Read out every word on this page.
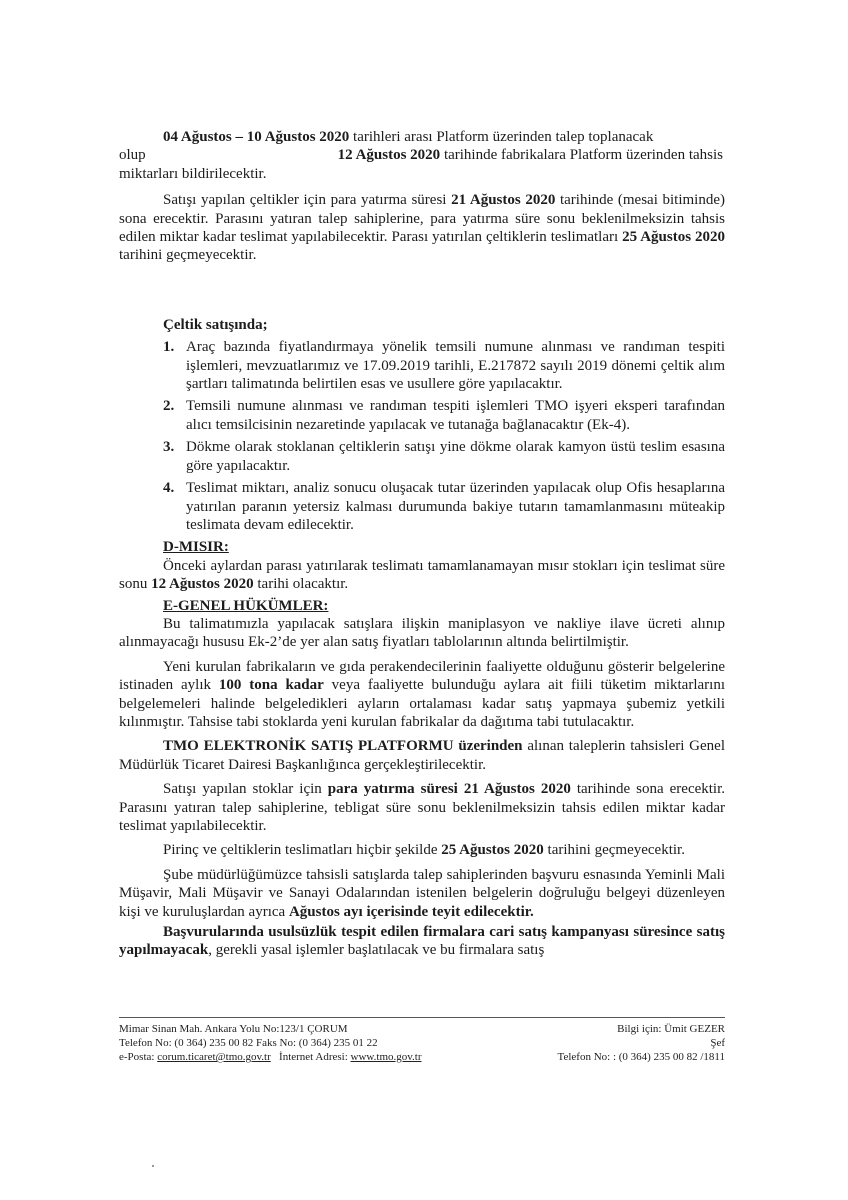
04 Ağustos – 10 Ağustos 2020 tarihleri arası Platform üzerinden talep toplanacak

olup	12 Ağustos 2020 tarihinde fabrikalara Platform üzerinden tahsis

miktarları bildirilecektir.

Satışı yapılan çeltikler için para yatırma süresi 21 Ağustos 2020 tarihinde (mesai bitiminde) sona erecektir. Parasını yatıran talep sahiplerine, para yatırma süre sonu beklenilmeksizin tahsis edilen miktar kadar teslimat yapılabilecektir. Parası yatırılan çeltiklerin teslimatları 25 Ağustos 2020 tarihini geçmeyecektir.

Çeltik satışında;
1. Araç bazında fiyatlandırmaya yönelik temsili numune alınması ve randıman tespiti işlemleri, mevzuatlarımız ve 17.09.2019 tarihli, E.217872 sayılı 2019 dönemi çeltik alım şartları talimatında belirtilen esas ve usullere göre yapılacaktır.
2. Temsili numune alınması ve randıman tespiti işlemleri TMO işyeri eksperi tarafından alıcı temsilcisinin nezaretinde yapılacak ve tutanağa bağlanacaktır (Ek-4).
3. Dökme olarak stoklanan çeltiklerin satışı yine dökme olarak kamyon üstü teslim esasına göre yapılacaktır.
4. Teslimat miktarı, analiz sonucu oluşacak tutar üzerinden yapılacak olup Ofis hesaplarına yatırılan paranın yetersiz kalması durumunda bakiye tutarın tamamlanmasını müteakip teslimata devam edilecektir.
D-MISIR:

Önceki aylardan parası yatırılarak teslimatı tamamlanamayan mısır stokları için teslimat süre sonu 12 Ağustos 2020 tarihi olacaktır.

E-GENEL HÜKÜMLER:

Bu talimatımızla yapılacak satışlara ilişkin maniplasyon ve nakliye ilave ücreti alınıp alınmayacağı hususu Ek-2’de yer alan satış fiyatları tablolarının altında belirtilmiştir.

Yeni kurulan fabrikaların ve gıda perakendecilerinin faaliyette olduğunu gösterir belgelerine istinaden aylık 100 tona kadar veya faaliyette bulunduğu aylara ait fiili tüketim miktarlarını belgelemeleri halinde belgeledikleri ayların ortalaması kadar satış yapmaya şubemiz yetkili kılınmıştır. Tahsise tabi stoklarda yeni kurulan fabrikalar da dağıtıma tabi tutulacaktır.

TMO ELEKTRONİK SATIŞ PLATFORMU üzerinden alınan taleplerin tahsisleri Genel Müdürlük Ticaret Dairesi Başkanlığınca gerçekleştirilecektir.

Satışı yapılan stoklar için para yatırma süresi 21 Ağustos 2020 tarihinde sona erecektir. Parasını yatıran talep sahiplerine, tebligat süre sonu beklenilmeksizin tahsis edilen miktar kadar teslimat yapılabilecektir.

Pirinç ve çeltiklerin teslimatları hiçbir şekilde 25 Ağustos 2020 tarihini geçmeyecektir.

Şube müdürlüğümüzce tahsisli satışlarda talep sahiplerinden başvuru esnasında Yeminli Mali Müşavir, Mali Müşavir ve Sanayi Odalarından istenilen belgelerin doğruluğu belgeyi düzenleyen kişi ve kuruluşlardan ayrıca Ağustos ayı içerisinde teyit edilecektir.

Başvurularında usulsüzlük tespit edilen firmalara cari satış kampanyası süresince satış yapılmayacak, gerekli yasal işlemler başlatılacak ve bu firmalara satış

Mimar Sinan Mah. Ankara Yolu No:123/1 ÇORUM	Bilgi için: Ümit GEZER
Telefon No: (0 364) 235 00 82 Faks No: (0 364) 235 01 22	Şef
e-Posta: corum.ticaret@tmo.gov.tr İnternet Adresi: www.tmo.gov.tr	Telefon No: : (0 364) 235 00 82 /1811
